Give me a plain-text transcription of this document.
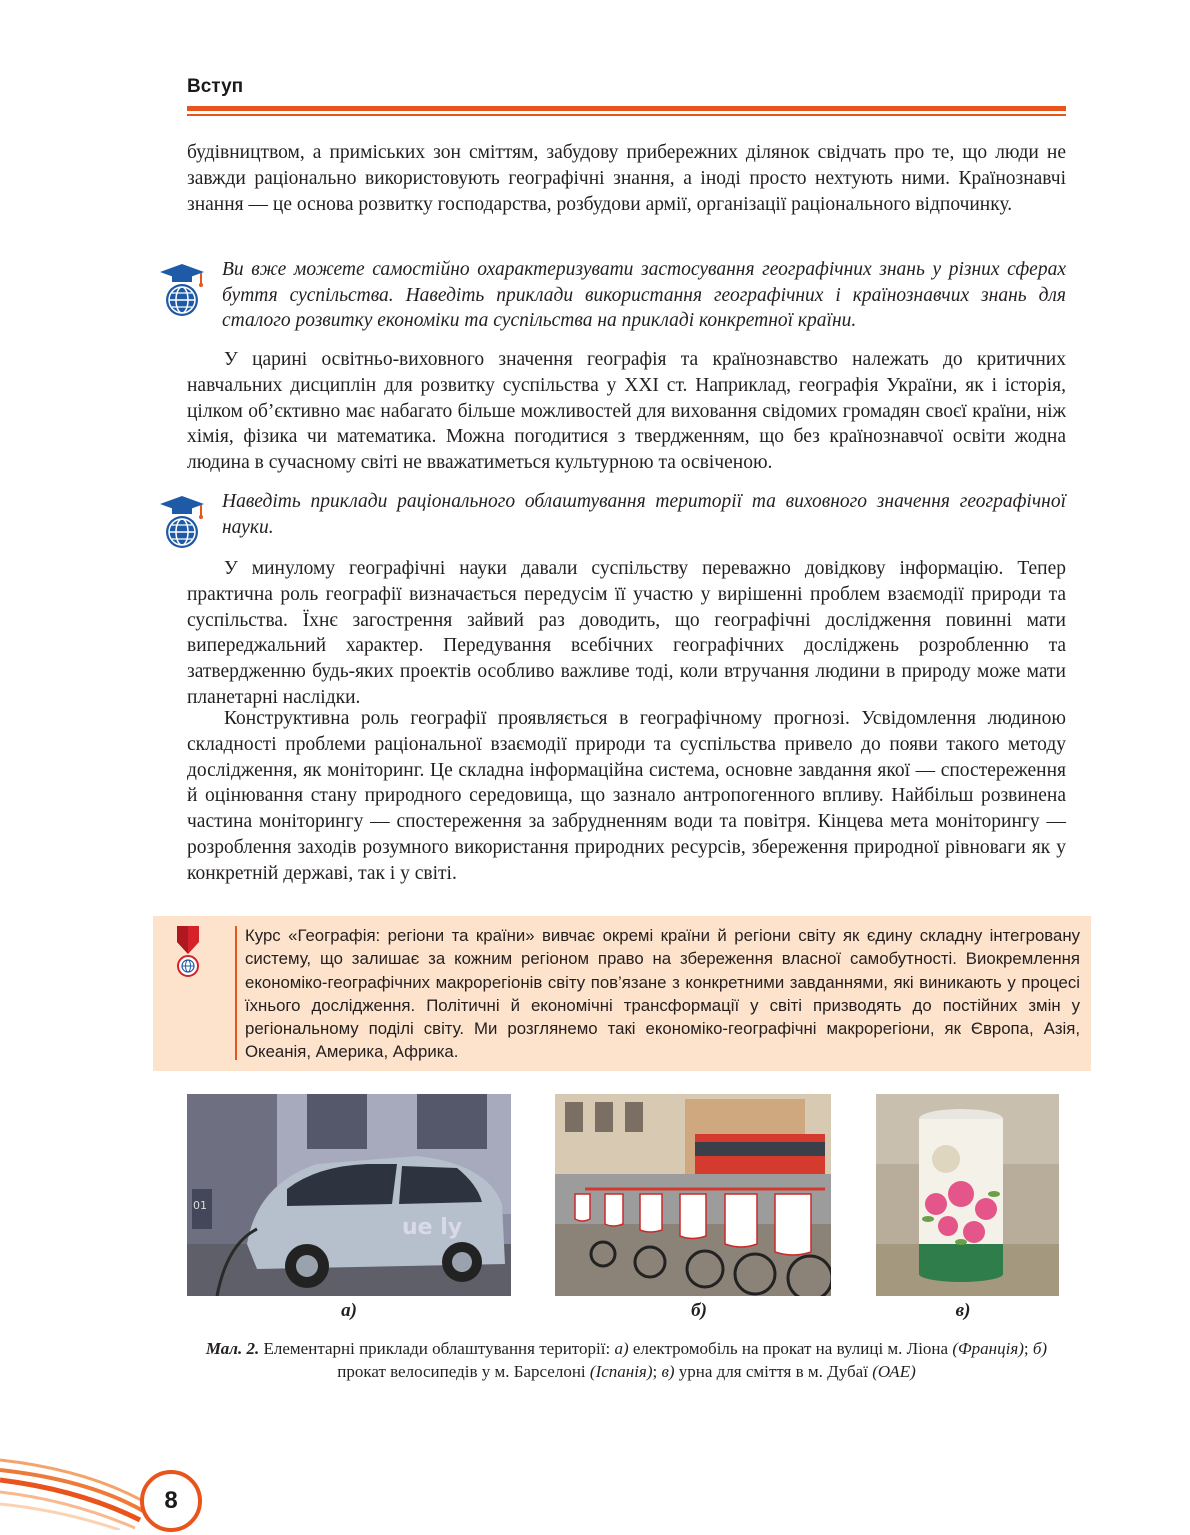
Вступ

будівництвом, а приміських зон сміттям, забудову прибережних ділянок свідчать про те, що люди не завжди раціонально використовують географічні знання, а іноді просто нехтують ними. Країнознавчі знання — це основа розвитку господарства, розбудови армії, організації раціонального відпочинку.

Ви вже можете самостійно охарактеризувати застосування географічних знань у різних сферах буття суспільства. Наведіть приклади використання географічних і країнознавчих знань для сталого розвитку економіки та суспільства на прикладі конкретної країни.

У царині освітньо-виховного значення географія та країнознавство належать до критичних навчальних дисциплін для розвитку суспільства у XXI ст. Наприклад, географія України, як і історія, цілком об’єктивно має набагато більше можливостей для виховання свідомих громадян своєї країни, ніж хімія, фізика чи математика. Можна погодитися з твердженням, що без країнознавчої освіти жодна людина в сучасному світі не вважатиметься культурною та освіченою.

Наведіть приклади раціонального облаштування території та виховного значення географічної науки.

У минулому географічні науки давали суспільству переважно довідкову інформацію. Тепер практична роль географії визначається передусім її участю у вирішенні проблем взаємодії природи та суспільства. Їхнє загострення зайвий раз доводить, що географічні дослідження повинні мати випереджальний характер. Передування всебічних географічних досліджень розробленню та затвердженню будь-яких проектів особливо важливе тоді, коли втручання людини в природу може мати планетарні наслідки.

Конструктивна роль географії проявляється в географічному прогнозі. Усвідомлення людиною складності проблеми раціональної взаємодії природи та суспільства привело до появи такого методу дослідження, як моніторинг. Це складна інформаційна система, основне завдання якої — спостереження й оцінювання стану природного середовища, що зазнало антропогенного впливу. Найбільш розвинена частина моніторингу — спостереження за забрудненням води та повітря. Кінцева мета моніторингу — розроблення заходів розумного використання природних ресурсів, збереження природної рівноваги як у конкретній державі, так і у світі.

Курс «Географія: регіони та країни» вивчає окремі країни й регіони світу як єдину складну інтегровану систему, що залишає за кожним регіоном право на збереження власної самобутності. Виокремлення економіко-географічних макрорегіонів світу пов’язане з конкретними завданнями, які виникають у процесі їхнього дослідження. Політичні й економічні трансформації у світі призводять до постійних змін у регіональному поділі світу. Ми розглянемо такі економіко-географічні макрорегіони, як Європа, Азія, Океанія, Америка, Африка.

ue ly
01
а)	б)	в)

Мал. 2. Елементарні приклади облаштування території: а) електромобіль на прокат на вулиці м. Ліона (Франція); б) прокат велосипедів у м. Барселоні (Іспанія); в) урна для сміття в м. Дубаї (ОАЕ)

8
